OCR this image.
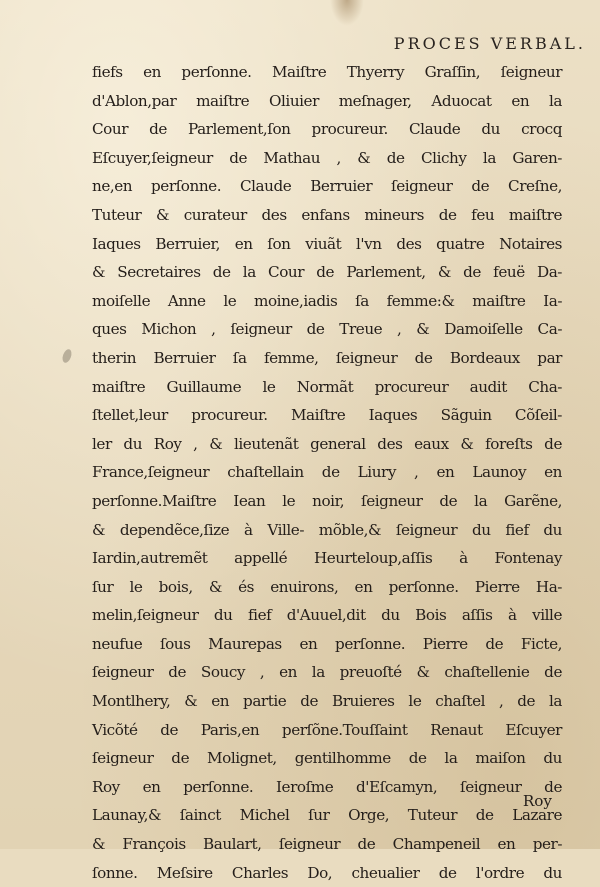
PROCES VERBAL.
fiefs en perſonne. Maiſtre Thyerry Graſſin, ſeigneur
d'Ablon,par maiſtre Oliuier meſnager, Aduocat en la
Cour de Parlement,ſon procureur. Claude du crocq
Eſcuyer,ſeigneur de Mathau , & de Clichy la Garen-
ne,en perſonne. Claude Berruier ſeigneur de Creſne,
Tuteur & curateur des enfans mineurs de feu maiſtre
Iaques Berruier, en ſon viuãt l'vn des quatre Notaires
& Secretaires de la Cour de Parlement, & de feuë Da-
moiſelle Anne le moine,iadis ſa femme:& maiſtre Ia-
ques Michon , ſeigneur de Treue , & Damoiſelle Ca-
therin Berruier ſa femme, ſeigneur de Bordeaux par
maiſtre Guillaume le Normãt procureur audit Cha-
ſtellet,leur procureur. Maiſtre Iaques Sãguin Cõſeil-
ler du Roy , & lieutenãt general des eaux & foreſts de
France,ſeigneur chaſtellain de Liury , en Launoy en
perſonne.Maiſtre Iean le noir, ſeigneur de la Garẽne,
& dependẽce,ſize à Ville- mõble,& ſeigneur du fief du
Iardin,autremẽt appellé Heurteloup,aſſis à Fontenay
ſur le bois, & és enuirons, en perſonne. Pierre Ha-
melin,ſeigneur du fief d'Auuel,dit du Bois aſſis à ville
neufue ſous Maurepas en perſonne. Pierre de Ficte,
ſeigneur de Soucy , en la preuoſté & chaſtellenie de
Montlhery, & en partie de Bruieres le chaſtel , de la
Vicõté de Paris,en perſõne.Touſſaint Renaut Eſcuyer
ſeigneur de Molignet, gentilhomme de la maiſon du
Roy en perſonne. Ieroſme d'Eſcamyn, ſeigneur de
Launay,& ſainct Michel ſur Orge, Tuteur de Lazare
& François Baulart, ſeigneur de Champeneil en per-
ſonne. Meſsire Charles Do, cheualier de l'ordre du
Roy
